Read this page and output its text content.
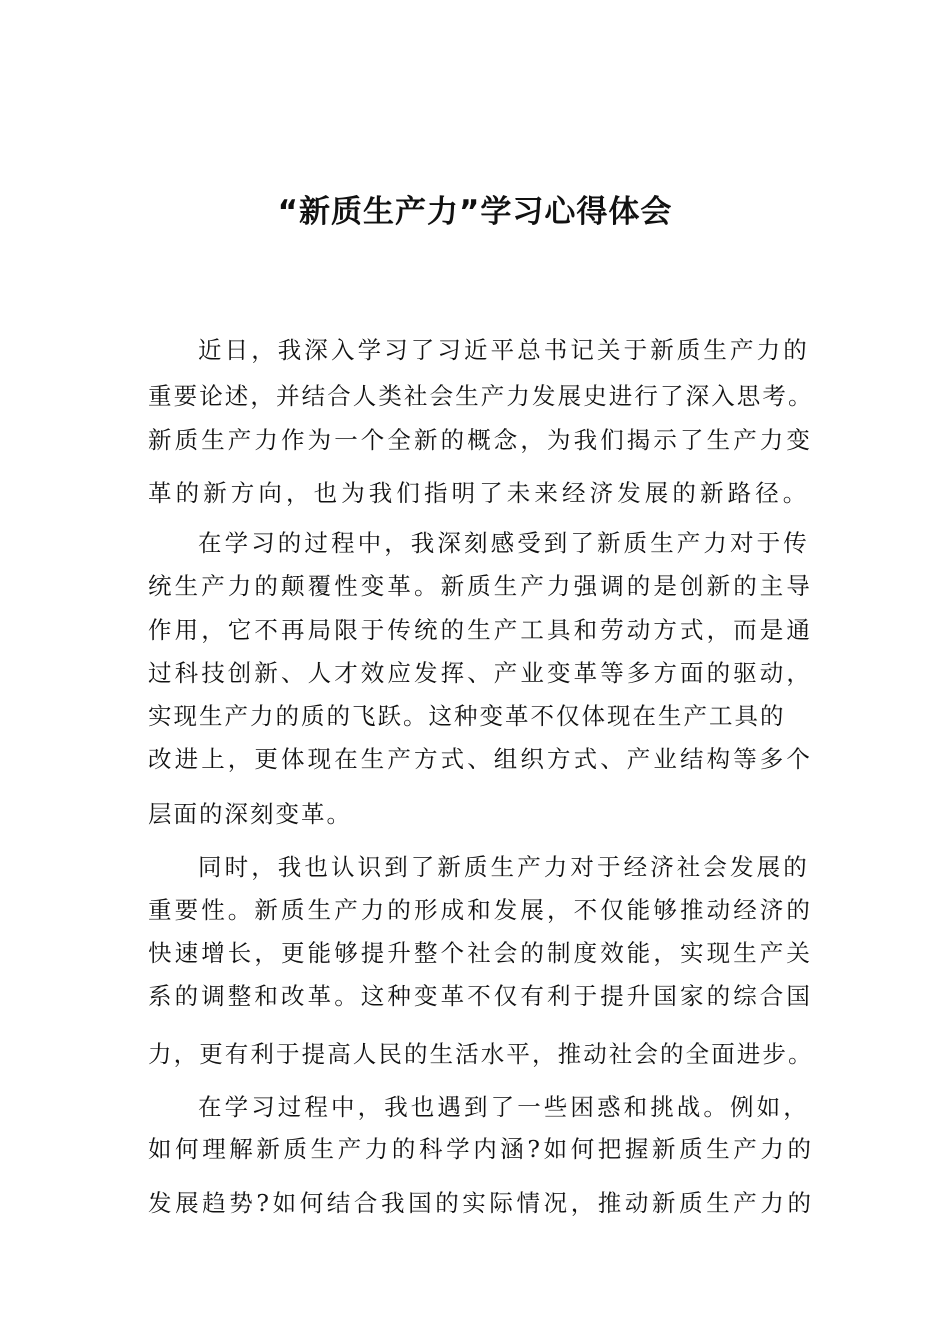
“新质生产力”学习心得体会
近日，我深入学习了习近平总书记关于新质生产力的
重要论述，并结合人类社会生产力发展史进行了深入思考。
新质生产力作为一个全新的概念，为我们揭示了生产力变
革的新方向，也为我们指明了未来经济发展的新路径。
在学习的过程中，我深刻感受到了新质生产力对于传
统生产力的颠覆性变革。新质生产力强调的是创新的主导
作用，它不再局限于传统的生产工具和劳动方式，而是通
过科技创新、人才效应发挥、产业变革等多方面的驱动，
实现生产力的质的飞跃。这种变革不仅体现在生产工具的
改进上，更体现在生产方式、组织方式、产业结构等多个
层面的深刻变革。
同时，我也认识到了新质生产力对于经济社会发展的
重要性。新质生产力的形成和发展，不仅能够推动经济的
快速增长，更能够提升整个社会的制度效能，实现生产关
系的调整和改革。这种变革不仅有利于提升国家的综合国
力，更有利于提高人民的生活水平，推动社会的全面进步。
在学习过程中，我也遇到了一些困惑和挑战。例如，
如何理解新质生产力的科学内涵?如何把握新质生产力的
发展趋势?如何结合我国的实际情况，推动新质生产力的
